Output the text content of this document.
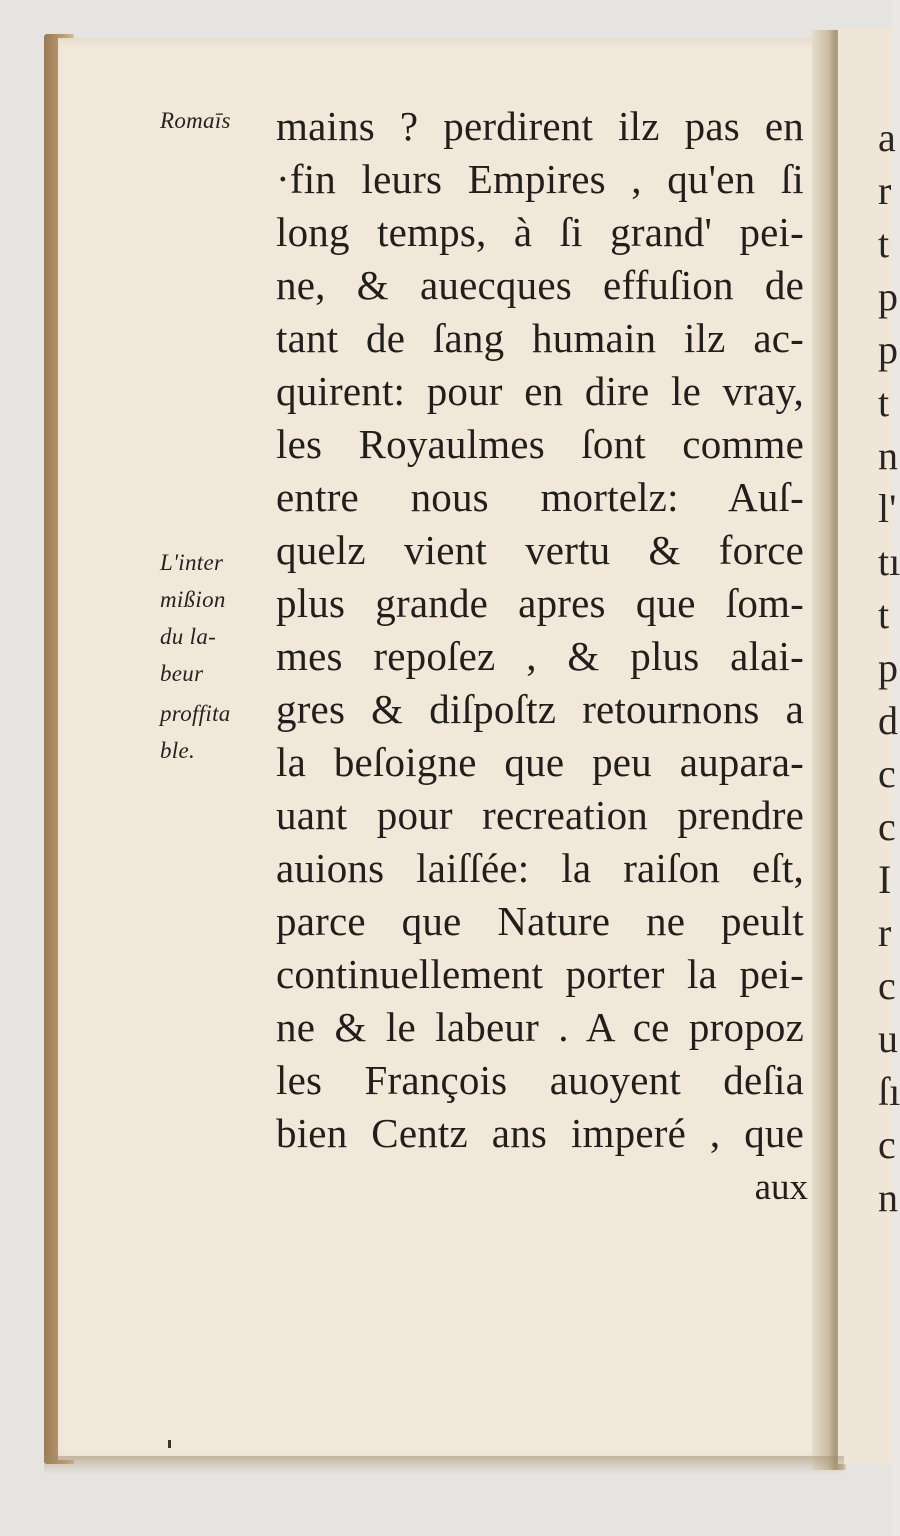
a
r
t
p
p
t
n
l'
tı
t
p
d
c
c
I
r
c
u
ſı
c
n
Romaīs
L'inter
mißion
du la-
beur
proffita
ble.
mains ? perdirent ilz pas en
·fin leurs Empires , qu'en ſi
long temps, à ſi grand' pei-
ne, & auecques effuſion de
tant de ſang humain ilz ac-
quirent: pour en dire le vray,
les Royaulmes ſont comme
entre nous mortelz: Auſ-
quelz vient vertu & force
plus grande apres que ſom-
mes repoſez , & plus alai-
gres & diſpoſtz retournons a
la beſoigne que peu aupara-
uant pour recreation prendre
auions laiſſée: la raiſon eſt,
parce que Nature ne peult
continuellement porter la pei-
ne & le labeur . A ce propoz
les François auoyent deſia
bien Centz ans imperé , que
aux
